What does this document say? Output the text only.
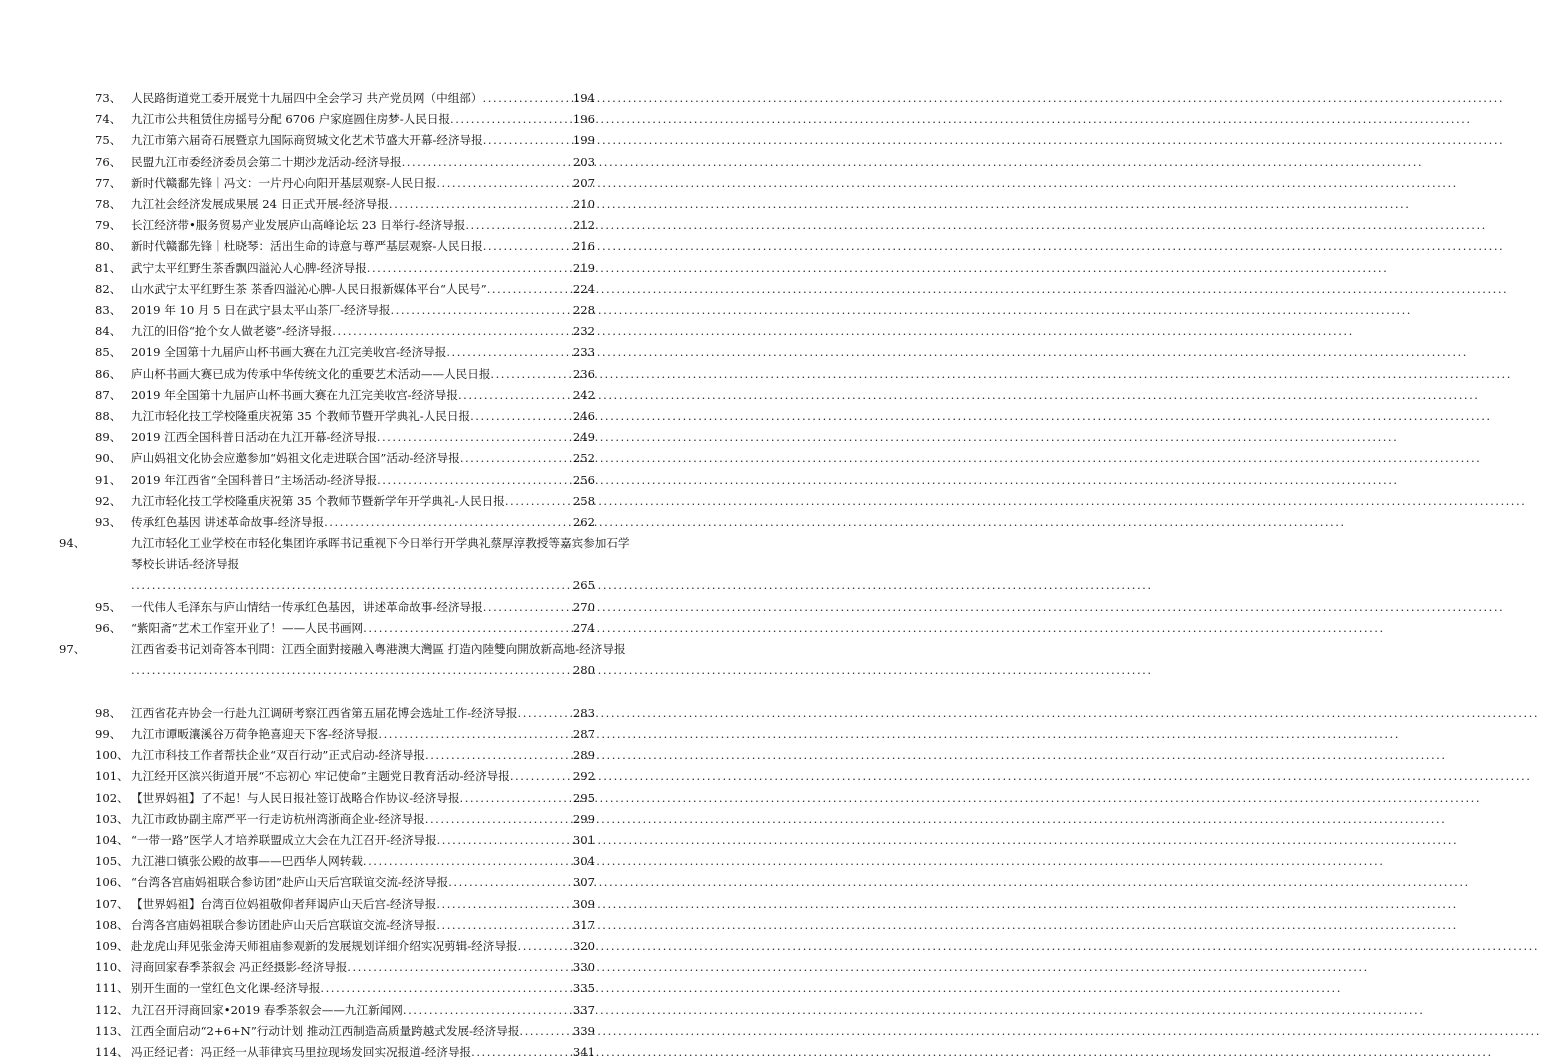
73、 人民路街道党工委开展党十九届四中全会学习 共产党员网（中组部） .....	194
74、 九江市公共租赁住房摇号分配 6706 户家庭圆住房梦-人民日报 .....	196
75、 九江市第六届奇石展暨京九国际商贸城文化艺术节盛大开幕-经济导报 .....	199
76、 民盟九江市委经济委员会第二十期沙龙活动-经济导报 .....	203
77、 新时代赣鄱先锋｜冯文：一片丹心向阳开基层观察-人民日报 .....	207
78、 九江社会经济发展成果展 24 日正式开展-经济导报 .....	210
79、 长江经济带•服务贸易产业发展庐山高峰论坛 23 日举行-经济导报 .....	212
80、 新时代赣鄱先锋｜杜晓琴：活出生命的诗意与尊严基层观察-人民日报 .....	216
81、 武宁太平红野生茶香飘四溢沁人心脾-经济导报 .....	219
82、 山水武宁太平红野生茶 茶香四溢沁心脾-人民日报新媒体平台“人民号” .....	224
83、 2019 年 10 月 5 日在武宁县太平山茶厂-经济导报 .....	228
84、 九江的旧俗“抢个女人做老婆”-经济导报 .....	232
85、 2019 全国第十九届庐山杯书画大赛在九江完美收宫-经济导报 .....	233
86、 庐山杯书画大赛已成为传承中华传统文化的重要艺术活动——人民日报 .....	236
87、 2019 年全国第十九届庐山杯书画大赛在九江完美收宫-经济导报 .....	242
88、 九江市轻化技工学校隆重庆祝第 35 个教师节暨开学典礼-人民日报 .....	246
89、 2019 江西全国科普日活动在九江开幕-经济导报 .....	249
90、 庐山妈祖文化协会应邀参加“妈祖文化走进联合国”活动-经济导报 .....	252
91、 2019 年江西省“全国科普日”主场活动-经济导报 .....	256
92、 九江市轻化技工学校隆重庆祝第 35 个教师节暨新学年开学典礼-人民日报 .....	258
93、 传承红色基因 讲述革命故事-经济导报 .....	262
94、	九江市轻化工业学校在市轻化集团许承晖书记重视下今日举行开学典礼蔡厚淳教授等嘉宾参加石学琴校长讲话-经济导报
.....
265
95、 一代伟人毛泽东与庐山情结一传承红色基因，讲述革命故事-经济导报 .....	270
96、 “紫阳斋”艺术工作室开业了！——人民书画网 .....	274
97、	江西省委书记刘奇答本刊問：江西全面對接融入粵港澳大灣區 打造內陸雙向開放新高地-经济导报
.....
280
98、 江西省花卉协会一行赴九江调研考察江西省第五届花博会选址工作-经济导报 .....	283
99、 九江市谭畈瀼溪谷万荷争艳喜迎天下客-经济导报 .....	287
100、 九江市科技工作者帮扶企业“双百行动”正式启动-经济导报 .....	289
101、 九江经开区滨兴街道开展“不忘初心 牢记使命”主题党日教育活动-经济导报 .....	292
102、 【世界妈祖】了不起！与人民日报社签订战略合作协议-经济导报 .....	295
103、 九江市政协副主席严平一行走访杭州湾浙商企业-经济导报 .....	299
104、 “一带一路”医学人才培养联盟成立大会在九江召开-经济导报 .....	301
105、 九江港口镇张公殿的故事——巴西华人网转载 .....	304
106、 “台湾各宫庙妈祖联合参访团”赴庐山天后宫联谊交流-经济导报 .....	307
107、 【世界妈祖】台湾百位妈祖敬仰者拜谒庐山天后宫-经济导报 .....	309
108、 台湾各宫庙妈祖联合参访团赴庐山天后宫联谊交流-经济导报 .....	317
109、 赴龙虎山拜见张金涛天师祖庙参观新的发展规划详细介绍实况剪辑-经济导报 .....	320
110、 浔商回家春季茶叙会 冯正经摄影-经济导报 .....	330
111、 别开生面的一堂红色文化课-经济导报 .....	335
112、 九江召开浔商回家•2019 春季茶叙会——九江新闻网 .....	337
113、 江西全面启动“2+6+N”行动计划 推动江西制造高质量跨越式发展-经济导报 .....	339
114、 冯正经记者：冯正经一从菲律宾马里拉现场发回实况报道-经济导报 .....	341
